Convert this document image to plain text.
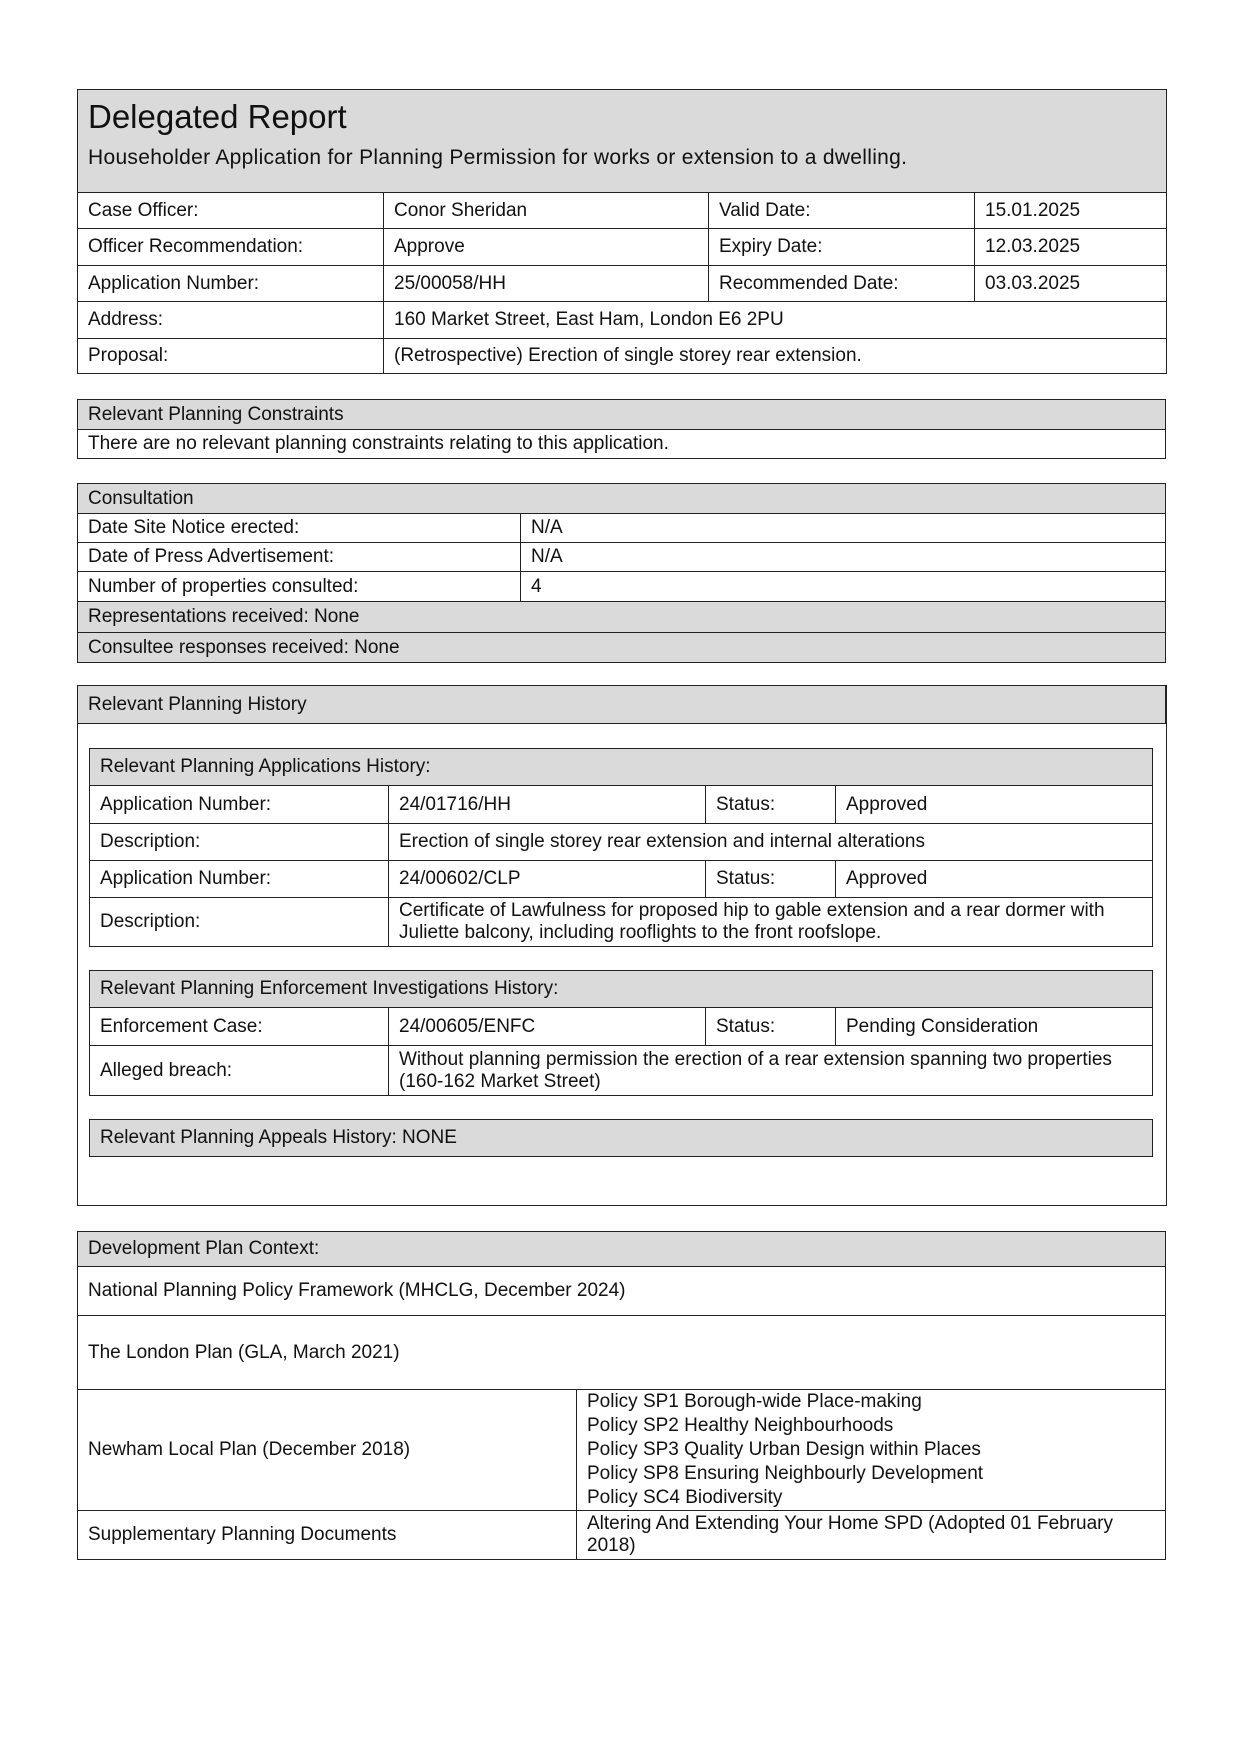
Delegated Report
Householder Application for Planning Permission for works or extension to a dwelling.			

Case Officer:	Conor Sheridan	Valid Date:	15.01.2025
Officer Recommendation:	Approve	Expiry Date:	12.03.2025
Application Number:	25/00058/HH	Recommended Date:	03.03.2025
Address:	160 Market Street, East Ham, London E6 2PU		
Proposal:	(Retrospective) Erection of single storey rear extension.		
Relevant Planning Constraints
There are no relevant planning constraints relating to this application.
Consultation	
Date Site Notice erected:	N/A
Date of Press Advertisement:	N/A
Number of properties consulted:	4
Representations received: None	
Consultee responses received: None	
Relevant Planning History
Relevant Planning Applications History:			
Application Number:	24/01716/HH	Status:	Approved
Description:	Erection of single storey rear extension and internal alterations		
Application Number:	24/00602/CLP	Status:	Approved
Description:	Certificate of Lawfulness for proposed hip to gable extension and a rear dormer with Juliette balcony, including rooflights to the front roofslope.		
Relevant Planning Enforcement Investigations History:			
Enforcement Case:	24/00605/ENFC	Status:	Pending Consideration
Alleged breach:	Without planning permission the erection of a rear extension spanning two properties (160-162 Market Street)		
Relevant Planning Appeals History: NONE
Development Plan Context:	
National Planning Policy Framework (MHCLG, December 2024)	
The London Plan (GLA, March 2021)	
Newham Local Plan (December 2018)	Policy SP1 Borough-wide Place-making
Policy SP2 Healthy Neighbourhoods
Policy SP3 Quality Urban Design within Places
Policy SP8 Ensuring Neighbourly Development
Policy SC4 Biodiversity

Supplementary Planning Documents	Altering And Extending Your Home SPD (Adopted 01 February 2018)
